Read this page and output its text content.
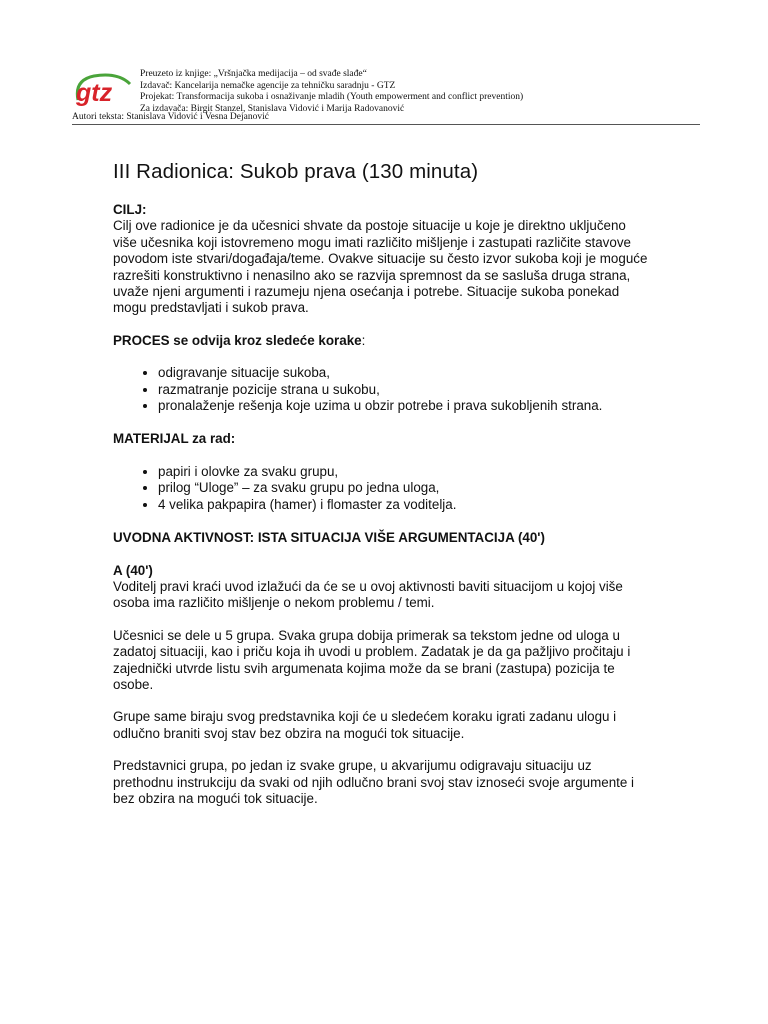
gtz
Preuzeto iz knjige: „Vršnjačka medijacija – od svađe slađe“
Izdavač: Kancelarija nemačke agencije za tehničku saradnju - GTZ
Projekat: Transformacija sukoba i osnaživanje mladih (Youth empowerment and conflict prevention)
Za izdavača: Birgit Stanzel, Stanislava Vidović i Marija Radovanović
Autori teksta: Stanislava Vidović i Vesna Dejanović
III Radionica: Sukob prava (130 minuta)
CILJ:

Cilj ove radionice je da učesnici shvate da postoje situacije u koje je direktno uključeno više učesnika koji istovremeno mogu imati različito mišljenje i zastupati različite stavove povodom iste stvari/događaja/teme. Ovakve situacije su često izvor sukoba koji je moguće razrešiti konstruktivno i nenasilno ako se razvija spremnost da se sasluša druga strana, uvaže njeni argumenti i razumeju njena osećanja i potrebe. Situacije sukoba ponekad mogu predstavljati i sukob prava.

PROCES se odvija kroz sledeće korake:
• odigravanje situacije sukoba,
• razmatranje pozicije strana u sukobu,
• pronalaženje rešenja koje uzima u obzir potrebe i prava sukobljenih strana.
MATERIJAL za rad:
• papiri i olovke za svaku grupu,
• prilog “Uloge” – za svaku grupu po jedna uloga,
• 4 velika pakpapira (hamer) i flomaster za voditelja.
UVODNA AKTIVNOST: ISTA SITUACIJA VIŠE ARGUMENTACIJA (40')
A (40')

Voditelj pravi kraći uvod izlažući da će se u ovoj aktivnosti baviti situacijom u kojoj više osoba ima različito mišljenje o nekom problemu / temi.

Učesnici se dele u 5 grupa. Svaka grupa dobija primerak sa tekstom jedne od uloga u zadatoj situaciji, kao i priču koja ih uvodi u problem. Zadatak je da ga pažljivo pročitaju i zajednički utvrde listu svih argumenata kojima može da se brani (zastupa) pozicija te osobe.

Grupe same biraju svog predstavnika koji će u sledećem koraku igrati zadanu ulogu i odlučno braniti svoj stav bez obzira na mogući tok situacije.

Predstavnici grupa, po jedan iz svake grupe, u akvarijumu odigravaju situaciju uz prethodnu instrukciju da svaki od njih odlučno brani svoj stav iznoseći svoje argumente i bez obzira na mogući tok situacije.
